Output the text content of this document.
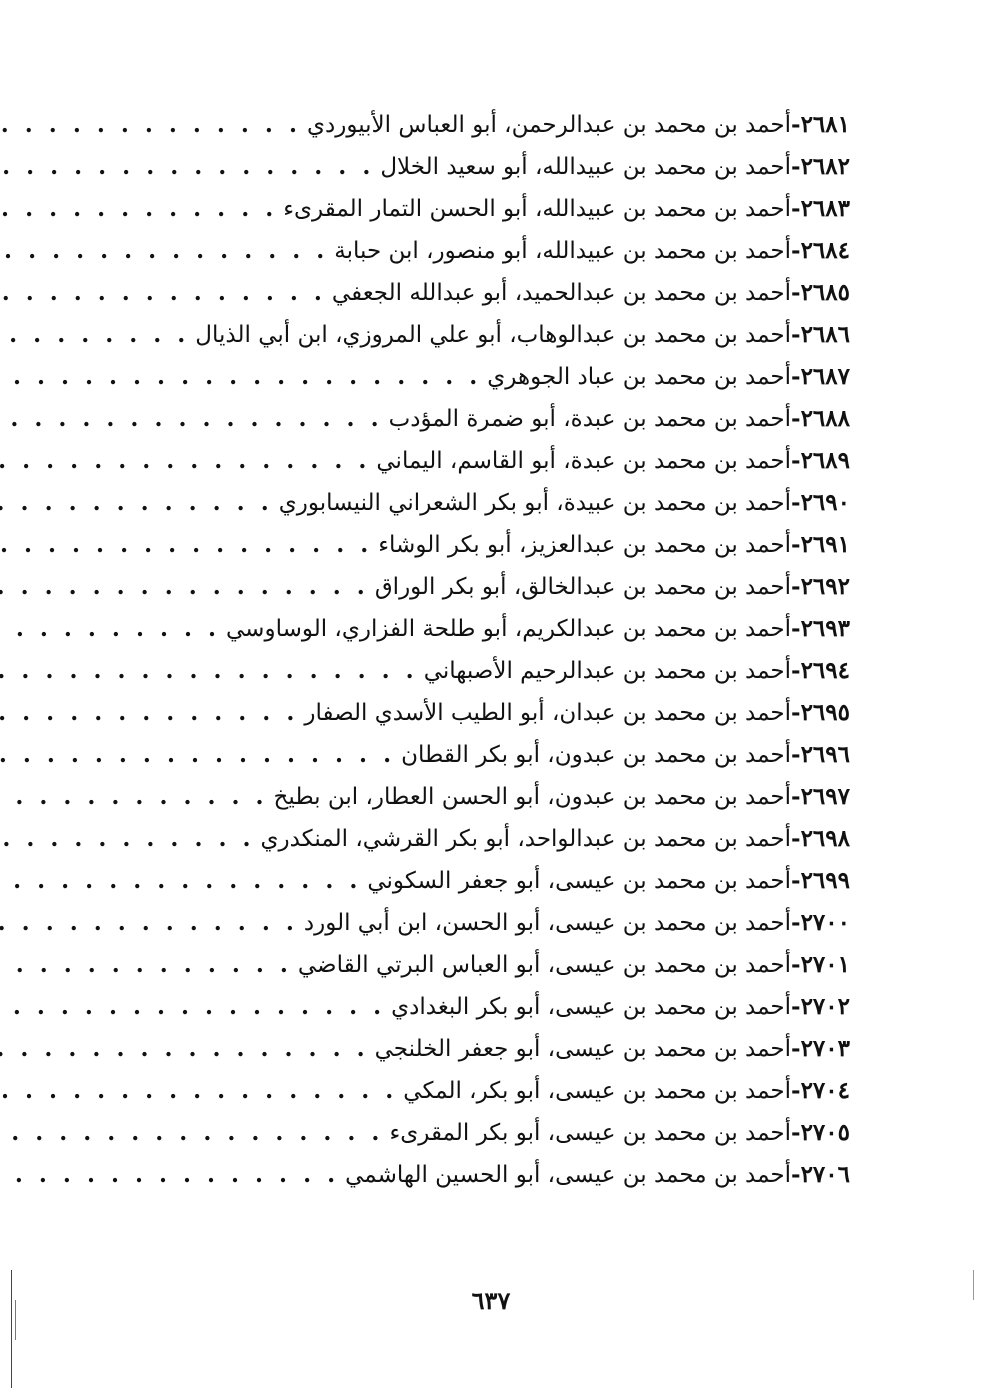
٢٦٨١-
أحمد بن محمد بن عبدالرحمن، أبو العباس الأبيوردي
. . .
٢٦٨٢-
أحمد بن محمد بن عبيدالله، أبو سعيد الخلال
. . .
٢٦٨٣-
أحمد بن محمد بن عبيدالله، أبو الحسن التمار المقرىء
. . .
٢٦٨٤-
أحمد بن محمد بن عبيدالله، أبو منصور، ابن حبابة
. . .
٢٦٨٥-
أحمد بن محمد بن عبدالحميد، أبو عبدالله الجعفي
. . .
٢٦٨٦-
أحمد بن محمد بن عبدالوهاب، أبو علي المروزي، ابن أبي الذيال
. . .
٢٦٨٧-
أحمد بن محمد بن عباد الجوهري
. . .
٢٦٨٨-
أحمد بن محمد بن عبدة، أبو ضمرة المؤدب
. . .
٢٦٨٩-
أحمد بن محمد بن عبدة، أبو القاسم، اليماني
. . .
٢٦٩٠-
أحمد بن محمد بن عبيدة، أبو بكر الشعراني النيسابوري
. . .
٢٦٩١-
أحمد بن محمد بن عبدالعزيز، أبو بكر الوشاء
. . .
٢٦٩٢-
أحمد بن محمد بن عبدالخالق، أبو بكر الوراق
. . .
٢٦٩٣-
أحمد بن محمد بن عبدالكريم، أبو طلحة الفزاري، الوساوسي
. . .
٢٦٩٤-
أحمد بن محمد بن عبدالرحيم الأصبهاني
. . .
٢٦٩٥-
أحمد بن محمد بن عبدان، أبو الطيب الأسدي الصفار
. . .
٢٦٩٦-
أحمد بن محمد بن عبدون، أبو بكر القطان
. . .
٢٦٩٧-
أحمد بن محمد بن عبدون، أبو الحسن العطار، ابن بطيخ
. . .
٢٦٩٨-
أحمد بن محمد بن عبدالواحد، أبو بكر القرشي، المنكدري
. . .
٢٦٩٩-
أحمد بن محمد بن عيسى، أبو جعفر السكوني
. . .
٢٧٠٠-
أحمد بن محمد بن عيسى، أبو الحسن، ابن أبي الورد
. . .
٢٧٠١-
أحمد بن محمد بن عيسى، أبو العباس البرتي القاضي
. . .
٢٧٠٢-
أحمد بن محمد بن عيسى، أبو بكر البغدادي
. . .
٢٧٠٣-
أحمد بن محمد بن عيسى، أبو جعفر الخلنجي
. . .
٢٧٠٤-
أحمد بن محمد بن عيسى، أبو بكر، المكي
. . .
٢٧٠٥-
أحمد بن محمد بن عيسى، أبو بكر المقرىء
. . .
٢٧٠٦-
أحمد بن محمد بن عيسى، أبو الحسين الهاشمي
. . .
٦٣٧
